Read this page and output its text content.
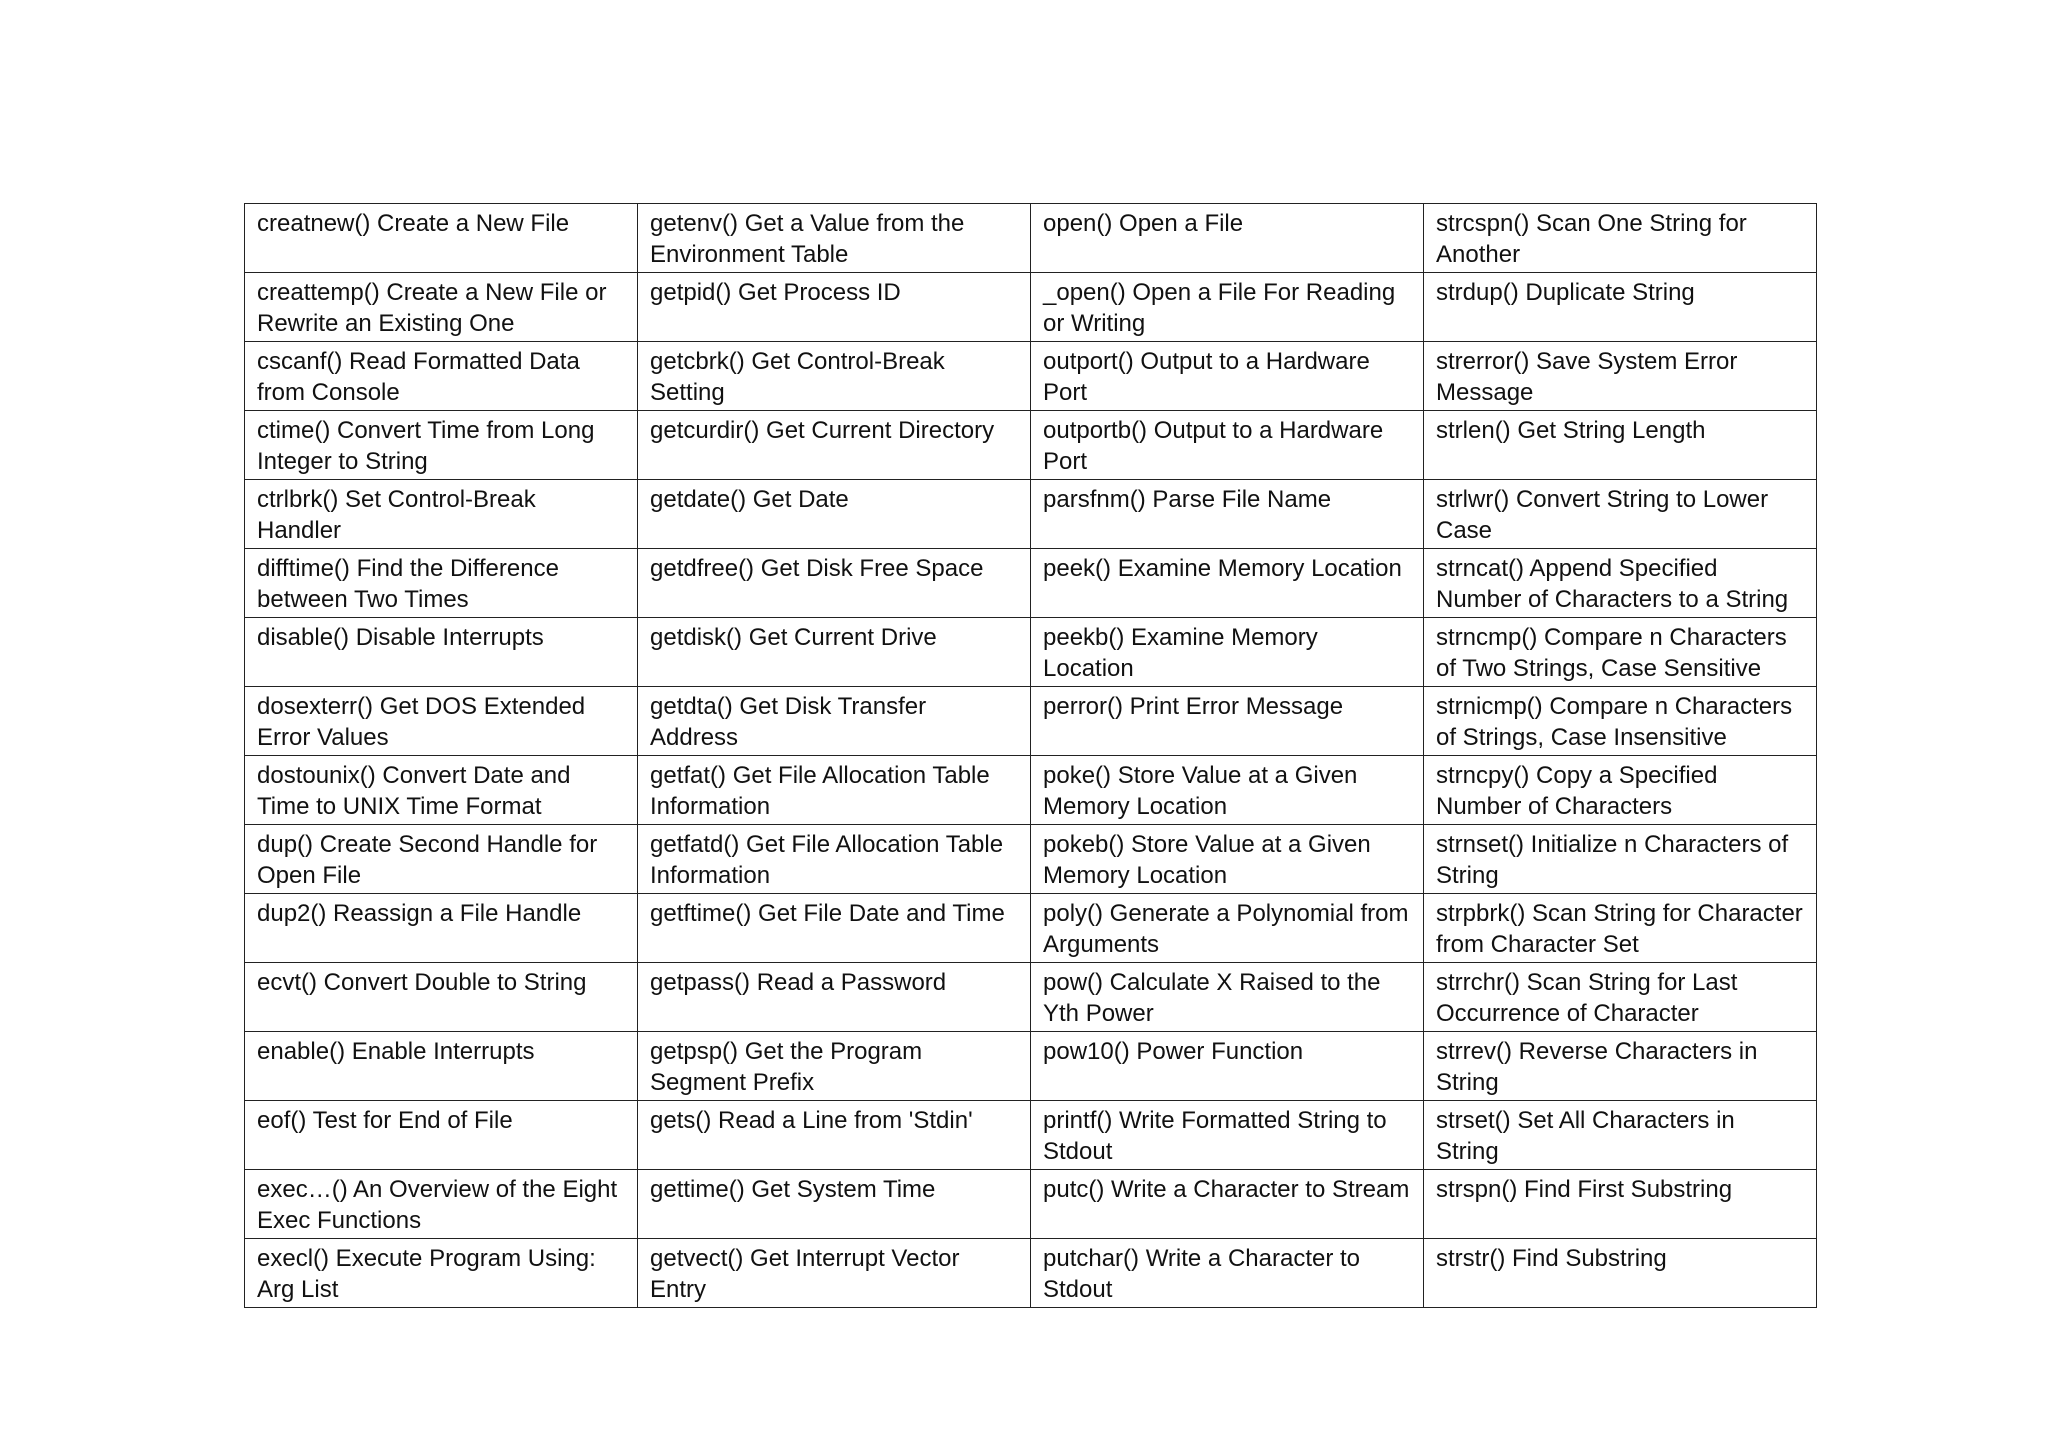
creatnew() Create a New File	getenv() Get a Value from the Environment Table	open() Open a File	strcspn() Scan One String for Another
creattemp() Create a New File or Rewrite an Existing One	getpid() Get Process ID	_open() Open a File For Reading or Writing	strdup() Duplicate String
cscanf() Read Formatted Data from Console	getcbrk() Get Control-Break Setting	outport() Output to a Hardware Port	strerror() Save System Error Message
ctime() Convert Time from Long Integer to String	getcurdir() Get Current Directory	outportb() Output to a Hardware Port	strlen() Get String Length
ctrlbrk() Set Control-Break Handler	getdate() Get Date	parsfnm() Parse File Name	strlwr() Convert String to Lower Case
difftime() Find the Difference between Two Times	getdfree() Get Disk Free Space	peek() Examine Memory Location	strncat() Append Specified Number of Characters to a String
disable() Disable Interrupts	getdisk() Get Current Drive	peekb() Examine Memory Location	strncmp() Compare n Characters of Two Strings, Case Sensitive
dosexterr() Get DOS Extended Error Values	getdta() Get Disk Transfer Address	perror() Print Error Message	strnicmp() Compare n Characters of Strings, Case Insensitive
dostounix() Convert Date and Time to UNIX Time Format	getfat() Get File Allocation Table Information	poke() Store Value at a Given Memory Location	strncpy() Copy a Specified Number of Characters
dup() Create Second Handle for Open File	getfatd() Get File Allocation Table Information	pokeb() Store Value at a Given Memory Location	strnset() Initialize n Characters of String
dup2() Reassign a File Handle	getftime() Get File Date and Time	poly() Generate a Polynomial from Arguments	strpbrk() Scan String for Character from Character Set
ecvt() Convert Double to String	getpass() Read a Password	pow() Calculate X Raised to the Yth Power	strrchr() Scan String for Last Occurrence of Character
enable() Enable Interrupts	getpsp() Get the Program Segment Prefix	pow10() Power Function	strrev() Reverse Characters in String
eof() Test for End of File	gets() Read a Line from 'Stdin'	printf() Write Formatted String to Stdout	strset() Set All Characters in String
exec…() An Overview of the Eight Exec Functions	gettime() Get System Time	putc() Write a Character to Stream	strspn() Find First Substring
execl() Execute Program Using: Arg List	getvect() Get Interrupt Vector Entry	putchar() Write a Character to Stdout	strstr() Find Substring
